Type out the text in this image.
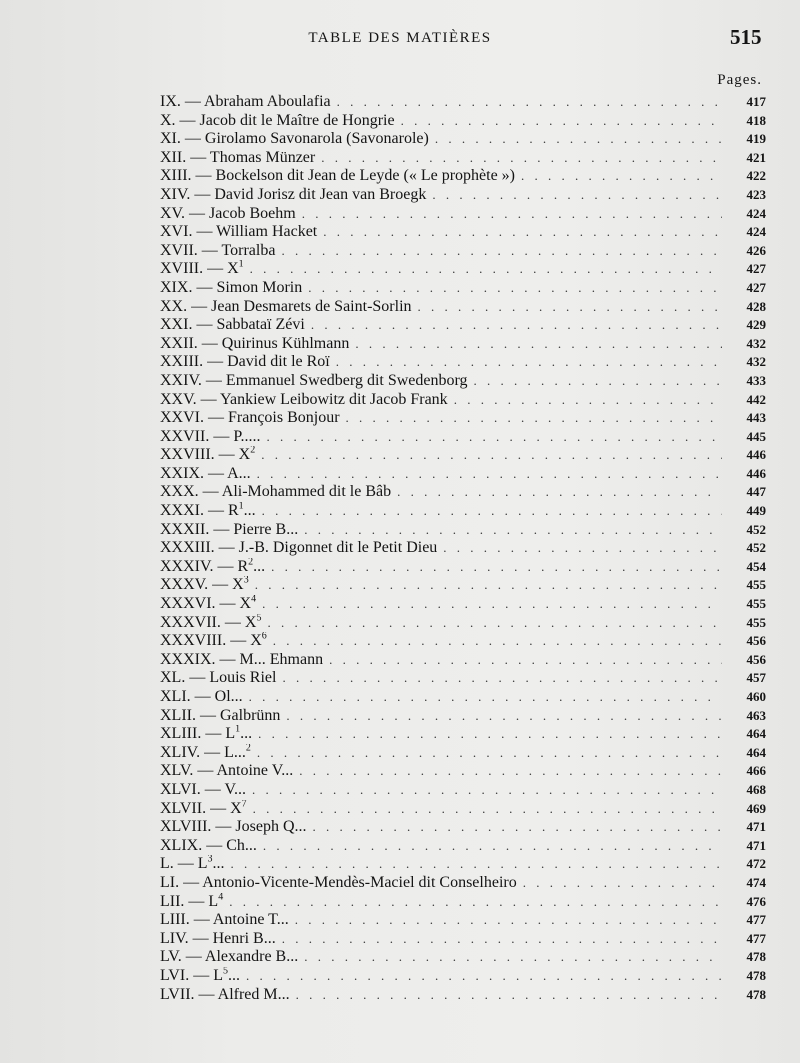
TABLE DES MATIÈRES	515
Pages.
IX. — Abraham Aboulafia . . .	417
X. — Jacob dit le Maître de Hongrie . . .	418
XI. — Girolamo Savonarola (Savonarole) . . .	419
XII. — Thomas Münzer . . .	421
XIII. — Bockelson dit Jean de Leyde (« Le prophète ») . . .	422
XIV. — David Jorisz dit Jean van Broegk . . .	423
XV. — Jacob Boehm . . .	424
XVI. — William Hacket . . .	424
XVII. — Torralba . . .	426
XVIII. — $X^1$ . . .	427
XIX. — Simon Morin . . .	427
XX. — Jean Desmarets de Saint-Sorlin . . .	428
XXI. — Sabbataï Zévi . . .	429
XXII. — Quirinus Kühlmann . . .	432
XXIII. — David dit le Roï . . .	432
XXIV. — Emmanuel Swedberg dit Swedenborg . . .	433
XXV. — Yankiew Leibowitz dit Jacob Frank . . .	442
XXVI. — François Bonjour . . .	443
XXVII. — P..... . . .	445
XXVIII. — $X^2$ . . .	446
XXIX. — A... . . .	446
XXX. — Ali-Mohammed dit le Bâb . . .	447
XXXI. — $R^1$... . . .	449
XXXII. — Pierre B... . . .	452
XXXIII. — J.-B. Digonnet dit le Petit Dieu . . .	452
XXXIV. — $R^2$... . . .	454
XXXV. — $X^3$ . . .	455
XXXVI. — $X^4$ . . .	455
XXXVII. — $X^5$ . . .	455
XXXVIII. — $X^6$ . . .	456
XXXIX. — M... Ehmann . . .	456
XL. — Louis Riel . . .	457
XLI. — Ol... . . .	460
XLII. — Galbrünn . . .	463
XLIII. — $L^1$... . . .	464
XLIV. — L...$^2$ . . .	464
XLV. — Antoine V... . . .	466
XLVI. — V... . . .	468
XLVII. — $X^7$ . . .	469
XLVIII. — Joseph Q... . . .	471
XLIX. — Ch... . . .	471
L. — $L^3$... . . .	472
LI. — Antonio-Vicente-Mendès-Maciel dit Conselheiro . . .	474
LII. — $L^4$ . . .	476
LIII. — Antoine T... . . .	477
LIV. — Henri B... . . .	477
LV. — Alexandre B... . . .	478
LVI. — $L^5$... . . .	478
LVII. — Alfred M... . . .	478
